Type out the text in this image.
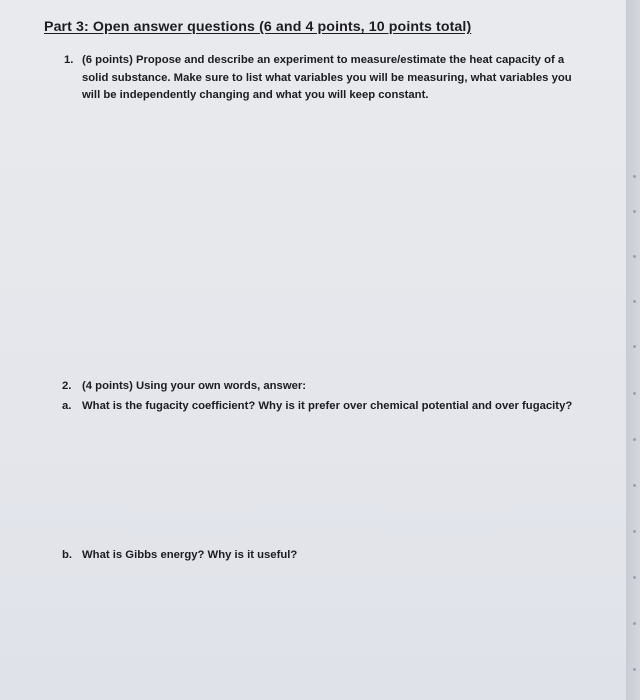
Part 3: Open answer questions (6 and 4 points, 10 points total)
1. (6 points) Propose and describe an experiment to measure/estimate the heat capacity of a solid substance. Make sure to list what variables you will be measuring, what variables you will be independently changing and what you will keep constant.
2. (4 points) Using your own words, answer:
a. What is the fugacity coefficient? Why is it prefer over chemical potential and over fugacity?
b. What is Gibbs energy? Why is it useful?
